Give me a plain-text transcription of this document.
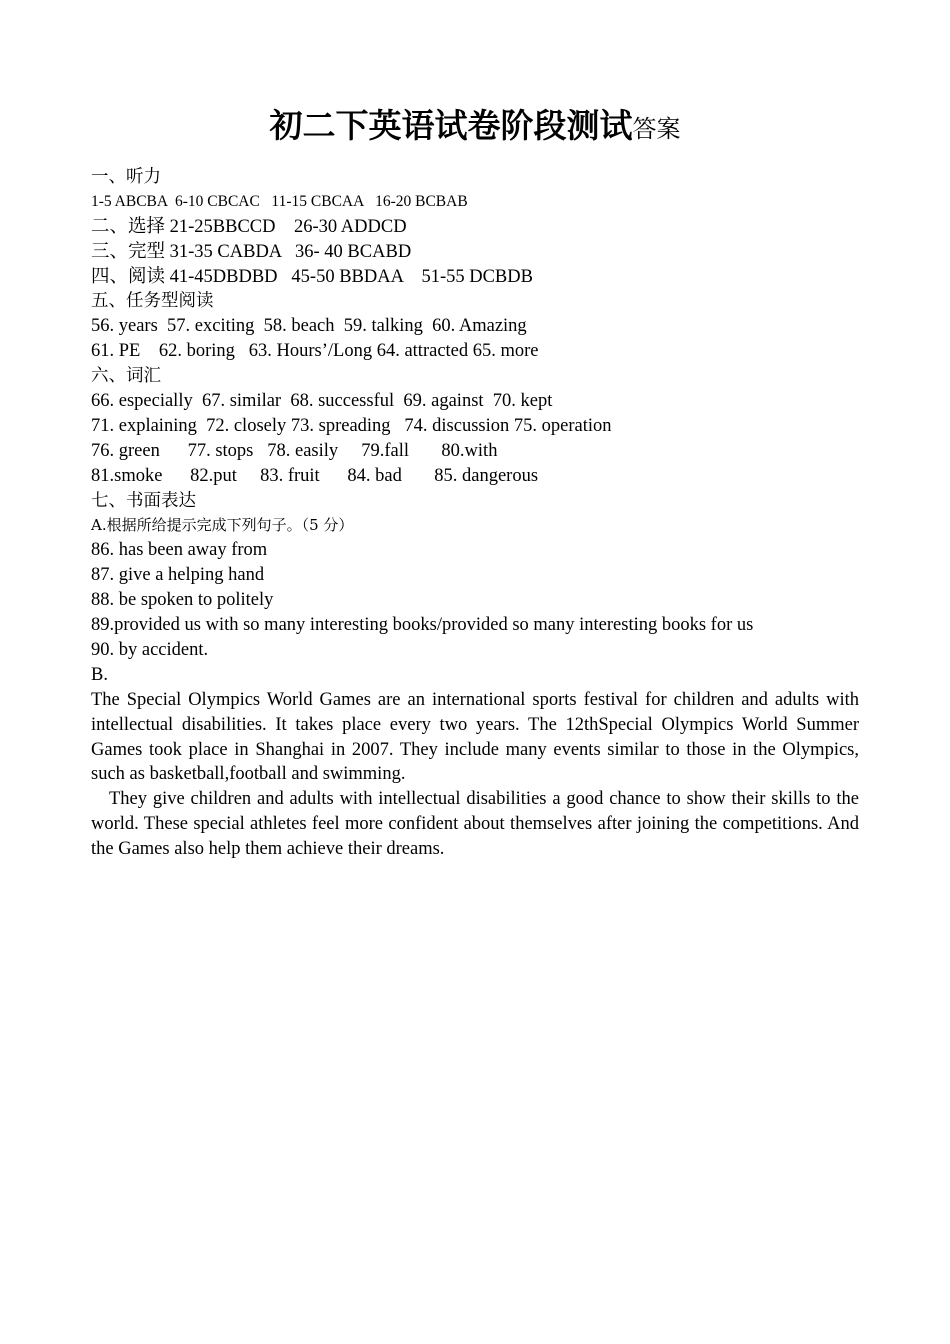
初二下英语试卷阶段测试答案
一、听力
1-5 ABCBA  6-10 CBCAC   11-15 CBCAA   16-20 BCBAB
二、选择 21-25BBCCD    26-30 ADDCD
三、完型 31-35 CABDA   36- 40 BCABD
四、阅读 41-45DBDBD   45-50 BBDAA    51-55 DCBDB
五、任务型阅读
56. years  57. exciting  58. beach  59. talking  60. Amazing
61. PE    62. boring   63. Hours’/Long 64. attracted 65. more
六、词汇
66. especially  67. similar  68. successful  69. against  70. kept
71. explaining  72. closely 73. spreading   74. discussion 75. operation
76. green      77. stops   78. easily     79.fall       80.with
81.smoke      82.put     83. fruit      84. bad       85. dangerous
七、书面表达
A.根据所给提示完成下列句子。（5 分）
86. has been away from
87. give a helping hand
88. be spoken to politely
89.provided us with so many interesting books/provided so many interesting books for us
90. by accident.
B.

The Special Olympics World Games are an international sports festival for children and adults with intellectual disabilities. It takes place every two years. The 12thSpecial Olympics World Summer Games took place in Shanghai in 2007. They include many events similar to those in the Olympics, such as basketball,football and swimming.

They give children and adults with intellectual disabilities a good chance to show their skills to the world. These special athletes feel more confident about themselves after joining the competitions. And the Games also help them achieve their dreams.
